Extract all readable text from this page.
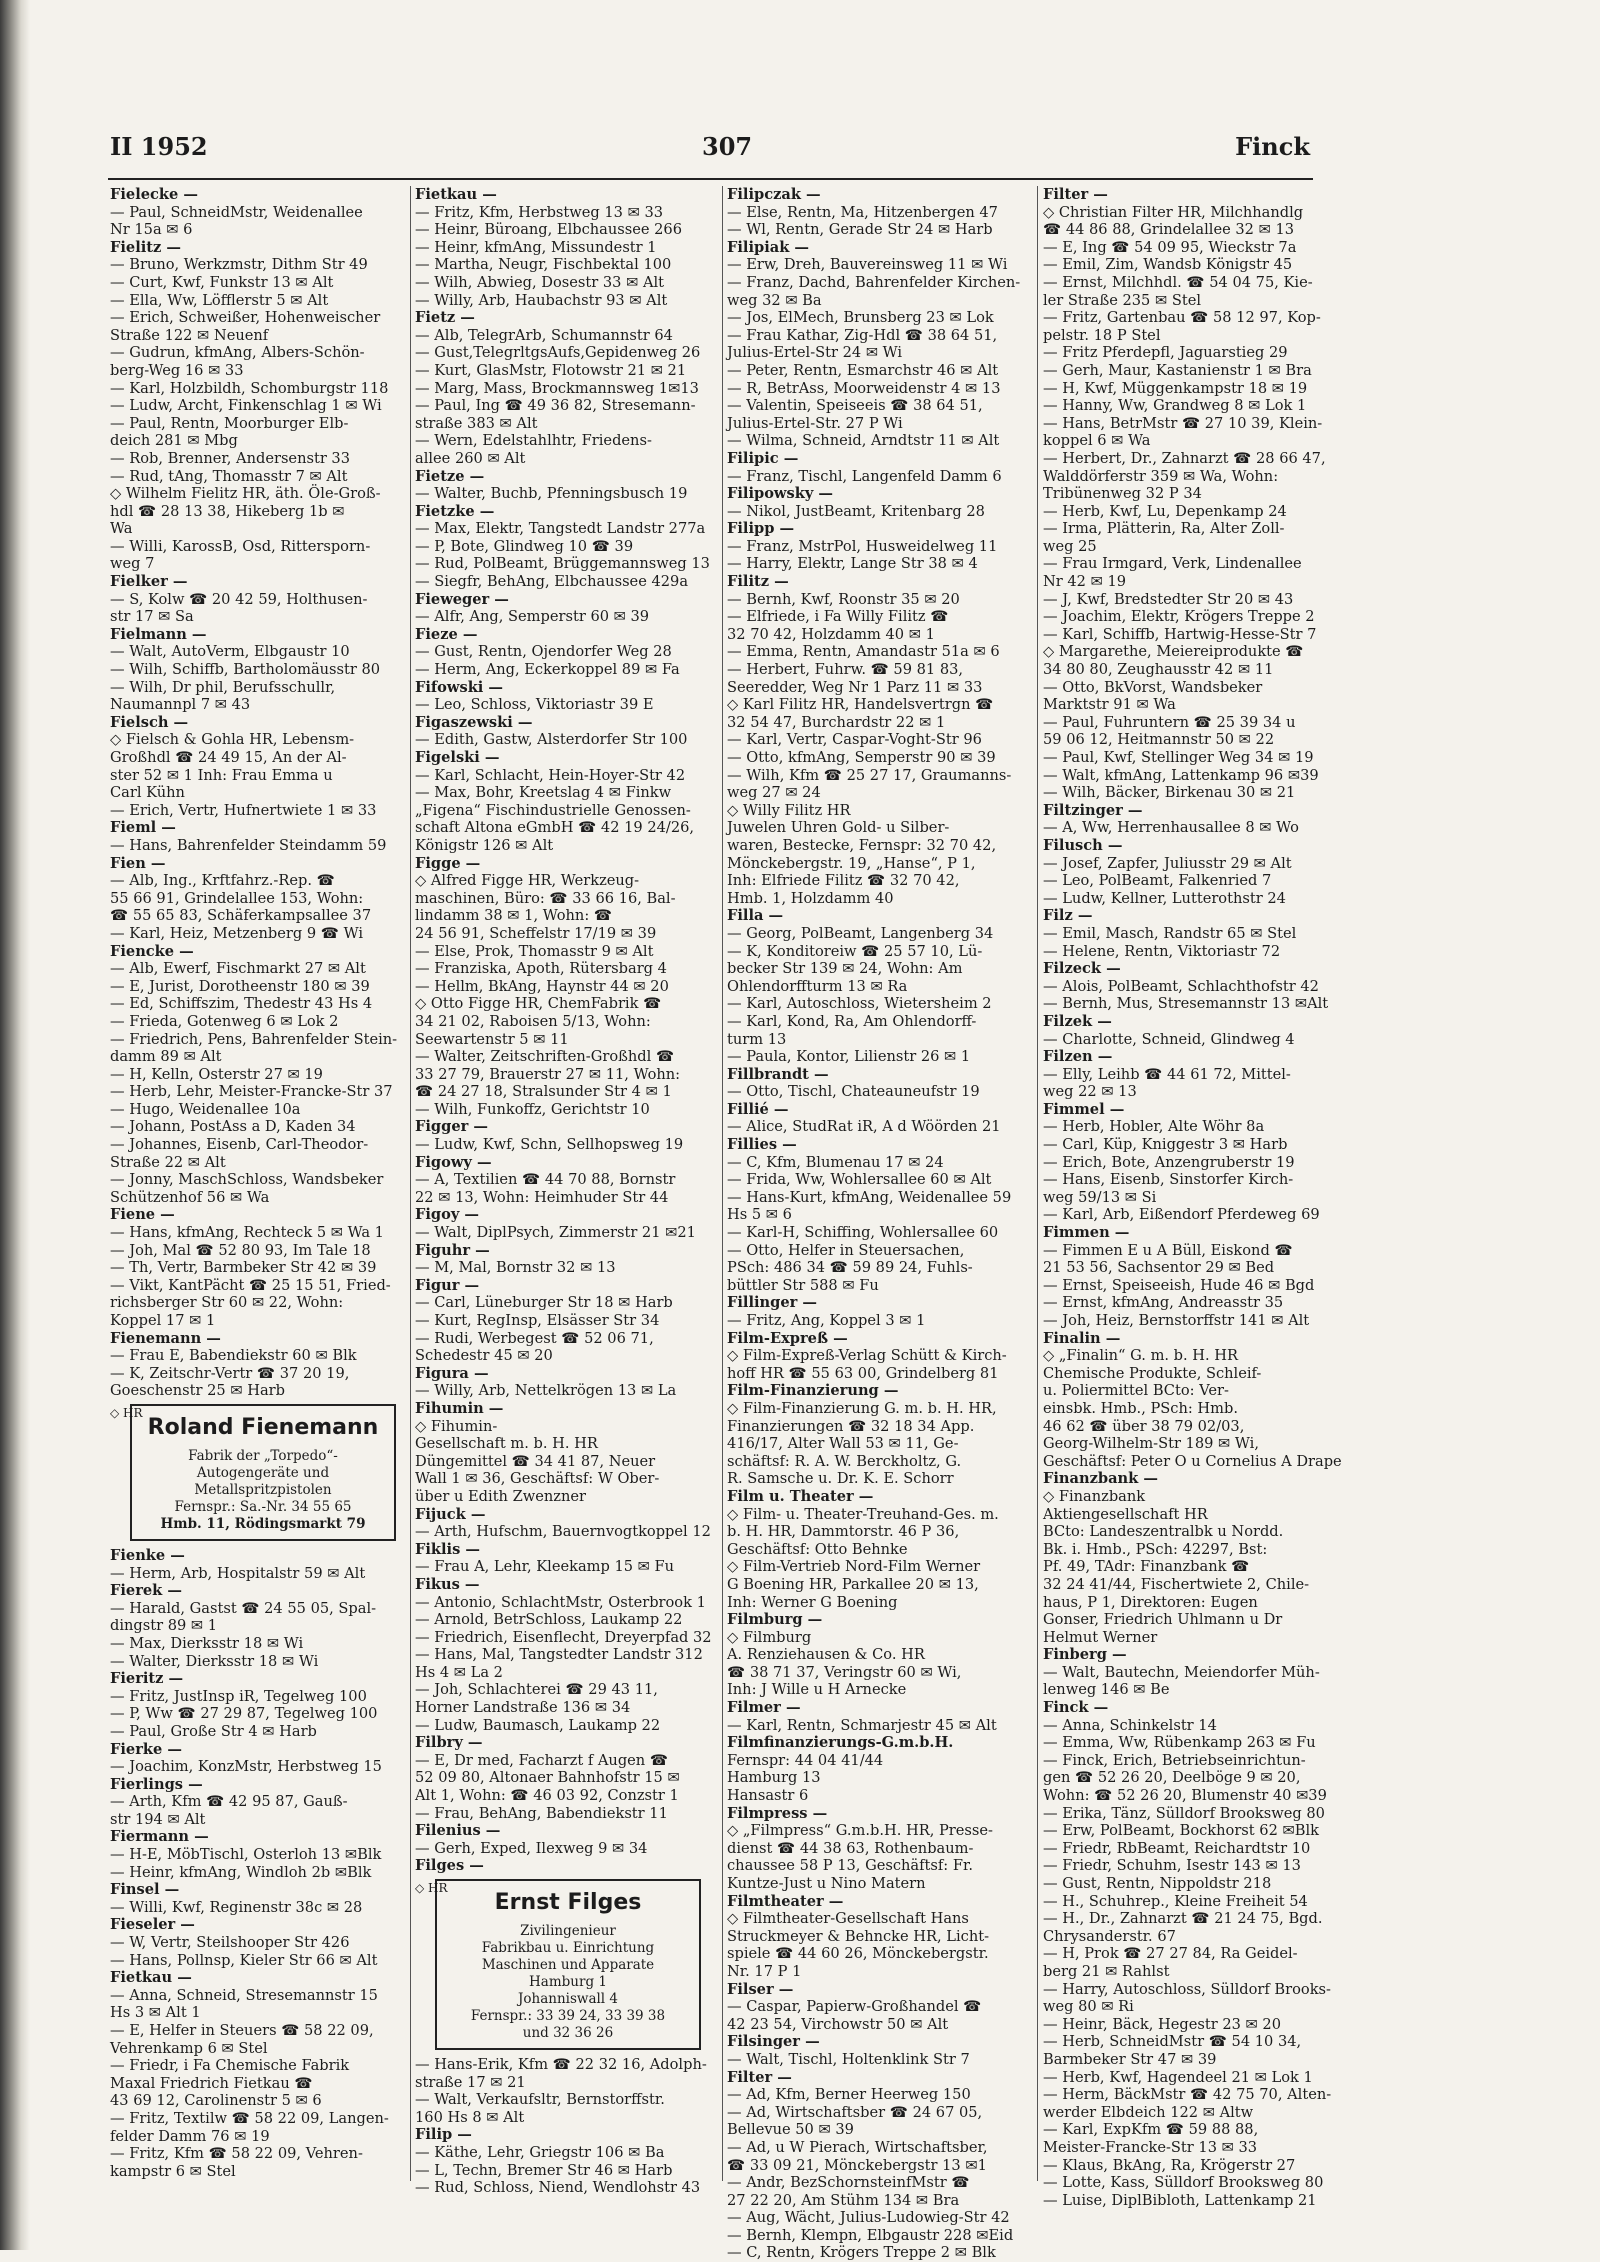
II 1952	307	Finck
Fielecke —
— Paul, SchneidMstr, Weidenallee
Nr 15a ✉ 6
Fielitz —
— Bruno, Werkzmstr, Dithm Str 49
— Curt, Kwf, Funkstr 13 ✉ Alt
— Ella, Ww, Löfflerstr 5 ✉ Alt
— Erich, Schweißer, Hohenweischer
Straße 122 ✉ Neuenf
— Gudrun, kfmAng, Albers-Schön-
berg-Weg 16 ✉ 33
— Karl, Holzbildh, Schomburgstr 118
— Ludw, Archt, Finkenschlag 1 ✉ Wi
— Paul, Rentn, Moorburger Elb-
deich 281 ✉ Mbg
— Rob, Brenner, Andersenstr 33
— Rud, tAng, Thomasstr 7 ✉ Alt
◇ Wilhelm Fielitz HR, äth. Öle-Groß-
hdl ☎ 28 13 38, Hikeberg 1b ✉
Wa
— Willi, KarossB, Osd, Rittersporn-
weg 7
Fielker —
— S, Kolw ☎ 20 42 59, Holthusen-
str 17 ✉ Sa
Fielmann —
— Walt, AutoVerm, Elbgaustr 10
— Wilh, Schiffb, Bartholomäusstr 80
— Wilh, Dr phil, Berufsschullr,
Naumannpl 7 ✉ 43
Fielsch —
◇ Fielsch & Gohla HR, Lebensm-
Großhdl ☎ 24 49 15, An der Al-
ster 52 ✉ 1 Inh: Frau Emma u
Carl Kühn
— Erich, Vertr, Hufnertwiete 1 ✉ 33
Fieml —
— Hans, Bahrenfelder Steindamm 59
Fien —
— Alb, Ing., Krftfahrz.-Rep. ☎
55 66 91, Grindelallee 153, Wohn:
☎ 55 65 83, Schäferkampsallee 37
— Karl, Heiz, Metzenberg 9 ☎ Wi
Fiencke —
— Alb, Ewerf, Fischmarkt 27 ✉ Alt
— E, Jurist, Dorotheenstr 180 ✉ 39
— Ed, Schiffszim, Thedestr 43 Hs 4
— Frieda, Gotenweg 6 ✉ Lok 2
— Friedrich, Pens, Bahrenfelder Stein-
damm 89 ✉ Alt
— H, Kelln, Osterstr 27 ✉ 19
— Herb, Lehr, Meister-Francke-Str 37
— Hugo, Weidenallee 10a
— Johann, PostAss a D, Kaden 34
— Johannes, Eisenb, Carl-Theodor-
Straße 22 ✉ Alt
— Jonny, MaschSchloss, Wandsbeker
Schützenhof 56 ✉ Wa
Fiene —
— Hans, kfmAng, Rechteck 5 ✉ Wa 1
— Joh, Mal ☎ 52 80 93, Im Tale 18
— Th, Vertr, Barmbeker Str 42 ✉ 39
— Vikt, KantPächt ☎ 25 15 51, Fried-
richsberger Str 60 ✉ 22, Wohn:
Koppel 17 ✉ 1
Fienemann —
— Frau E, Babendiekstr 60 ✉ Blk
— K, Zeitschr-Vertr ☎ 37 20 19,
Goeschenstr 25 ✉ Harb
◇ HR
Roland Fienemann
Fabrik der „Torpedo“-
Autogengeräte und
Metallspritzpistolen
Fernspr.: Sa.-Nr. 34 55 65
Hmb. 11, Rödingsmarkt 79
Fienke —
— Herm, Arb, Hospitalstr 59 ✉ Alt
Fierek —
— Harald, Gastst ☎ 24 55 05, Spal-
dingstr 89 ✉ 1
— Max, Dierksstr 18 ✉ Wi
— Walter, Dierksstr 18 ✉ Wi
Fieritz —
— Fritz, JustInsp iR, Tegelweg 100
— P, Ww ☎ 27 29 87, Tegelweg 100
— Paul, Große Str 4 ✉ Harb
Fierke —
— Joachim, KonzMstr, Herbstweg 15
Fierlings —
— Arth, Kfm ☎ 42 95 87, Gauß-
str 194 ✉ Alt
Fiermann —
— H-E, MöbTischl, Osterloh 13 ✉Blk
— Heinr, kfmAng, Windloh 2b ✉Blk
Finsel —
— Willi, Kwf, Reginenstr 38c ✉ 28
Fieseler —
— W, Vertr, Steilshooper Str 426
— Hans, Pollnsp, Kieler Str 66 ✉ Alt
Fietkau —
— Anna, Schneid, Stresemannstr 15
Hs 3 ✉ Alt 1
— E, Helfer in Steuers ☎ 58 22 09,
Vehrenkamp 6 ✉ Stel
— Friedr, i Fa Chemische Fabrik
Maxal Friedrich Fietkau ☎
43 69 12, Carolinenstr 5 ✉ 6
— Fritz, Textilw ☎ 58 22 09, Langen-
felder Damm 76 ✉ 19
— Fritz, Kfm ☎ 58 22 09, Vehren-
kampstr 6 ✉ Stel
Fietkau —
— Fritz, Kfm, Herbstweg 13 ✉ 33
— Heinr, Büroang, Elbchaussee 266
— Heinr, kfmAng, Missundestr 1
— Martha, Neugr, Fischbektal 100
— Wilh, Abwieg, Dosestr 33 ✉ Alt
— Willy, Arb, Haubachstr 93 ✉ Alt
Fietz —
— Alb, TelegrArb, Schumannstr 64
— Gust,TelegrltgsAufs,Gepidenweg 26
— Kurt, GlasMstr, Flotowstr 21 ✉ 21
— Marg, Mass, Brockmannsweg 1✉13
— Paul, Ing ☎ 49 36 82, Stresemann-
straße 383 ✉ Alt
— Wern, Edelstahlhtr, Friedens-
allee 260 ✉ Alt
Fietze —
— Walter, Buchb, Pfenningsbusch 19
Fietzke —
— Max, Elektr, Tangstedt Landstr 277a
— P, Bote, Glindweg 10 ☎ 39
— Rud, PolBeamt, Brüggemannsweg 13
— Siegfr, BehAng, Elbchaussee 429a
Fieweger —
— Alfr, Ang, Semperstr 60 ✉ 39
Fieze —
— Gust, Rentn, Ojendorfer Weg 28
— Herm, Ang, Eckerkoppel 89 ✉ Fa
Fifowski —
— Leo, Schloss, Viktoriastr 39 E
Figaszewski —
— Edith, Gastw, Alsterdorfer Str 100
Figelski —
— Karl, Schlacht, Hein-Hoyer-Str 42
— Max, Bohr, Kreetslag 4 ✉ Finkw
„Figena“ Fischindustrielle Genossen-
schaft Altona eGmbH ☎ 42 19 24/26,
Königstr 126 ✉ Alt
Figge —
◇ Alfred Figge HR, Werkzeug-
maschinen, Büro: ☎ 33 66 16, Bal-
lindamm 38 ✉ 1, Wohn: ☎
24 56 91, Scheffelstr 17/19 ✉ 39
— Else, Prok, Thomasstr 9 ✉ Alt
— Franziska, Apoth, Rütersbarg 4
— Hellm, BkAng, Haynstr 44 ✉ 20
◇ Otto Figge HR, ChemFabrik ☎
34 21 02, Raboisen 5/13, Wohn:
Seewartenstr 5 ✉ 11
— Walter, Zeitschriften-Großhdl ☎
33 27 79, Brauerstr 27 ✉ 11, Wohn:
☎ 24 27 18, Stralsunder Str 4 ✉ 1
— Wilh, Funkoffz, Gerichtstr 10
Figger —
— Ludw, Kwf, Schn, Sellhopsweg 19
Figowy —
— A, Textilien ☎ 44 70 88, Bornstr
22 ✉ 13, Wohn: Heimhuder Str 44
Figoy —
— Walt, DiplPsych, Zimmerstr 21 ✉21
Figuhr —
— M, Mal, Bornstr 32 ✉ 13
Figur —
— Carl, Lüneburger Str 18 ✉ Harb
— Kurt, RegInsp, Elsässer Str 34
— Rudi, Werbegest ☎ 52 06 71,
Schedestr 45 ✉ 20
Figura —
— Willy, Arb, Nettelkrögen 13 ✉ La
Fihumin —
◇ Fihumin-
Gesellschaft m. b. H. HR
Düngemittel ☎ 34 41 87, Neuer
Wall 1 ✉ 36, Geschäftsf: W Ober-
über u Edith Zwenzner
Fijuck —
— Arth, Hufschm, Bauernvogtkoppel 12
Fiklis —
— Frau A, Lehr, Kleekamp 15 ✉ Fu
Fikus —
— Antonio, SchlachtMstr, Osterbrook 1
— Arnold, BetrSchloss, Laukamp 22
— Friedrich, Eisenflecht, Dreyerpfad 32
— Hans, Mal, Tangstedter Landstr 312
Hs 4 ✉ La 2
— Joh, Schlachterei ☎ 29 43 11,
Horner Landstraße 136 ✉ 34
— Ludw, Baumasch, Laukamp 22
Filbry —
— E, Dr med, Facharzt f Augen ☎
52 09 80, Altonaer Bahnhofstr 15 ✉
Alt 1, Wohn: ☎ 46 03 92, Conzstr 1
— Frau, BehAng, Babendiekstr 11
Filenius —
— Gerh, Exped, Ilexweg 9 ✉ 34
Filges —
◇ HR
Ernst Filges
Zivilingenieur
Fabrikbau u. Einrichtung
Maschinen und Apparate
Hamburg 1
Johanniswall 4
Fernspr.: 33 39 24, 33 39 38
und 32 36 26
— Hans-Erik, Kfm ☎ 22 32 16, Adolph-
straße 17 ✉ 21
— Walt, Verkaufsltr, Bernstorffstr.
160 Hs 8 ✉ Alt
Filip —
— Käthe, Lehr, Griegstr 106 ✉ Ba
— L, Techn, Bremer Str 46 ✉ Harb
— Rud, Schloss, Niend, Wendlohstr 43
Filipczak —
— Else, Rentn, Ma, Hitzenbergen 47
— Wl, Rentn, Gerade Str 24 ✉ Harb
Filipiak —
— Erw, Dreh, Bauvereinsweg 11 ✉ Wi
— Franz, Dachd, Bahrenfelder Kirchen-
weg 32 ✉ Ba
— Jos, ElMech, Brunsberg 23 ✉ Lok
— Frau Kathar, Zig-Hdl ☎ 38 64 51,
Julius-Ertel-Str 24 ✉ Wi
— Peter, Rentn, Esmarchstr 46 ✉ Alt
— R, BetrAss, Moorweidenstr 4 ✉ 13
— Valentin, Speiseeis ☎ 38 64 51,
Julius-Ertel-Str. 27 P Wi
— Wilma, Schneid, Arndtstr 11 ✉ Alt
Filipic —
— Franz, Tischl, Langenfeld Damm 6
Filipowsky —
— Nikol, JustBeamt, Kritenbarg 28
Filipp —
— Franz, MstrPol, Husweidelweg 11
— Harry, Elektr, Lange Str 38 ✉ 4
Filitz —
— Bernh, Kwf, Roonstr 35 ✉ 20
— Elfriede, i Fa Willy Filitz ☎
32 70 42, Holzdamm 40 ✉ 1
— Emma, Rentn, Amandastr 51a ✉ 6
— Herbert, Fuhrw. ☎ 59 81 83,
Seeredder, Weg Nr 1 Parz 11 ✉ 33
◇ Karl Filitz HR, Handelsvertrgn ☎
32 54 47, Burchardstr 22 ✉ 1
— Karl, Vertr, Caspar-Voght-Str 96
— Otto, kfmAng, Semperstr 90 ✉ 39
— Wilh, Kfm ☎ 25 27 17, Graumanns-
weg 27 ✉ 24
◇ Willy Filitz HR
Juwelen Uhren Gold- u Silber-
waren, Bestecke, Fernspr: 32 70 42,
Mönckebergstr. 19, „Hanse“, P 1,
Inh: Elfriede Filitz ☎ 32 70 42,
Hmb. 1, Holzdamm 40
Filla —
— Georg, PolBeamt, Langenberg 34
— K, Konditoreiw ☎ 25 57 10, Lü-
becker Str 139 ✉ 24, Wohn: Am
Ohlendorffturm 13 ✉ Ra
— Karl, Autoschloss, Wietersheim 2
— Karl, Kond, Ra, Am Ohlendorff-
turm 13
— Paula, Kontor, Lilienstr 26 ✉ 1
Fillbrandt —
— Otto, Tischl, Chateauneufstr 19
Fillié —
— Alice, StudRat iR, A d Wöörden 21
Fillies —
— C, Kfm, Blumenau 17 ✉ 24
— Frida, Ww, Wohlersallee 60 ✉ Alt
— Hans-Kurt, kfmAng, Weidenallee 59
Hs 5 ✉ 6
— Karl-H, Schiffing, Wohlersallee 60
— Otto, Helfer in Steuersachen,
PSch: 486 34 ☎ 59 89 24, Fuhls-
büttler Str 588 ✉ Fu
Fillinger —
— Fritz, Ang, Koppel 3 ✉ 1
Film-Expreß —
◇ Film-Expreß-Verlag Schütt & Kirch-
hoff HR ☎ 55 63 00, Grindelberg 81
Film-Finanzierung —
◇ Film-Finanzierung G. m. b. H. HR,
Finanzierungen ☎ 32 18 34 App.
416/17, Alter Wall 53 ✉ 11, Ge-
schäftsf: R. A. W. Berckholtz, G.
R. Samsche u. Dr. K. E. Schorr
Film u. Theater —
◇ Film- u. Theater-Treuhand-Ges. m.
b. H. HR, Dammtorstr. 46 P 36,
Geschäftsf: Otto Behnke
◇ Film-Vertrieb Nord-Film Werner
G Boening HR, Parkallee 20 ✉ 13,
Inh: Werner G Boening
Filmburg —
◇ Filmburg
A. Renziehausen & Co. HR
☎ 38 71 37, Veringstr 60 ✉ Wi,
Inh: J Wille u H Arnecke
Filmer —
— Karl, Rentn, Schmarjestr 45 ✉ Alt
Filmfinanzierungs-G.m.b.H.
Fernspr: 44 04 41/44
Hamburg 13
Hansastr 6
Filmpress —
◇ „Filmpress“ G.m.b.H. HR, Presse-
dienst ☎ 44 38 63, Rothenbaum-
chaussee 58 P 13, Geschäftsf: Fr.
Kuntze-Just u Nino Matern
Filmtheater —
◇ Filmtheater-Gesellschaft Hans
Struckmeyer & Behncke HR, Licht-
spiele ☎ 44 60 26, Mönckebergstr.
Nr. 17 P 1
Filser —
— Caspar, Papierw-Großhandel ☎
42 23 54, Virchowstr 50 ✉ Alt
Filsinger —
— Walt, Tischl, Holtenklink Str 7
Filter —
— Ad, Kfm, Berner Heerweg 150
— Ad, Wirtschaftsber ☎ 24 67 05,
Bellevue 50 ✉ 39
— Ad, u W Pierach, Wirtschaftsber,
☎ 33 09 21, Mönckebergstr 13 ✉1
— Andr, BezSchornsteinfMstr ☎
27 22 20, Am Stühm 134 ✉ Bra
— Aug, Wächt, Julius-Ludowieg-Str 42
— Bernh, Klempn, Elbgaustr 228 ✉Eid
— C, Rentn, Krögers Treppe 2 ✉ Blk
Filter —
◇ Christian Filter HR, Milchhandlg
☎ 44 86 88, Grindelallee 32 ✉ 13
— E, Ing ☎ 54 09 95, Wieckstr 7a
— Emil, Zim, Wandsb Königstr 45
— Ernst, Milchhdl. ☎ 54 04 75, Kie-
ler Straße 235 ✉ Stel
— Fritz, Gartenbau ☎ 58 12 97, Kop-
pelstr. 18 P Stel
— Fritz Pferdepfl, Jaguarstieg 29
— Gerh, Maur, Kastanienstr 1 ✉ Bra
— H, Kwf, Müggenkampstr 18 ✉ 19
— Hanny, Ww, Grandweg 8 ✉ Lok 1
— Hans, BetrMstr ☎ 27 10 39, Klein-
koppel 6 ✉ Wa
— Herbert, Dr., Zahnarzt ☎ 28 66 47,
Walddörferstr 359 ✉ Wa, Wohn:
Tribünenweg 32 P 34
— Herb, Kwf, Lu, Depenkamp 24
— Irma, Plätterin, Ra, Alter Zoll-
weg 25
— Frau Irmgard, Verk, Lindenallee
Nr 42 ✉ 19
— J, Kwf, Bredstedter Str 20 ✉ 43
— Joachim, Elektr, Krögers Treppe 2
— Karl, Schiffb, Hartwig-Hesse-Str 7
◇ Margarethe, Meiereiprodukte ☎
34 80 80, Zeughausstr 42 ✉ 11
— Otto, BkVorst, Wandsbeker
Marktstr 91 ✉ Wa
— Paul, Fuhruntern ☎ 25 39 34 u
59 06 12, Heitmannstr 50 ✉ 22
— Paul, Kwf, Stellinger Weg 34 ✉ 19
— Walt, kfmAng, Lattenkamp 96 ✉39
— Wilh, Bäcker, Birkenau 30 ✉ 21
Filtzinger —
— A, Ww, Herrenhausallee 8 ✉ Wo
Filusch —
— Josef, Zapfer, Juliusstr 29 ✉ Alt
— Leo, PolBeamt, Falkenried 7
— Ludw, Kellner, Lutterothstr 24
Filz —
— Emil, Masch, Randstr 65 ✉ Stel
— Helene, Rentn, Viktoriastr 72
Filzeck —
— Alois, PolBeamt, Schlachthofstr 42
— Bernh, Mus, Stresemannstr 13 ✉Alt
Filzek —
— Charlotte, Schneid, Glindweg 4
Filzen —
— Elly, Leihb ☎ 44 61 72, Mittel-
weg 22 ✉ 13
Fimmel —
— Herb, Hobler, Alte Wöhr 8a
— Carl, Küp, Kniggestr 3 ✉ Harb
— Erich, Bote, Anzengruberstr 19
— Hans, Eisenb, Sinstorfer Kirch-
weg 59/13 ✉ Si
— Karl, Arb, Eißendorf Pferdeweg 69
Fimmen —
— Fimmen E u A Büll, Eiskond ☎
21 53 56, Sachsentor 29 ✉ Bed
— Ernst, Speiseeish, Hude 46 ✉ Bgd
— Ernst, kfmAng, Andreasstr 35
— Joh, Heiz, Bernstorffstr 141 ✉ Alt
Finalin —
◇ „Finalin“ G. m. b. H. HR
Chemische Produkte, Schleif-
u. Poliermittel BCto: Ver-
einsbk. Hmb., PSch: Hmb.
46 62 ☎ über 38 79 02/03,
Georg-Wilhelm-Str 189 ✉ Wi,
Geschäftsf: Peter O u Cornelius A Drape
Finanzbank —
◇ Finanzbank
Aktiengesellschaft HR
BCto: Landeszentralbk u Nordd.
Bk. i. Hmb., PSch: 42297, Bst:
Pf. 49, TAdr: Finanzbank ☎
32 24 41/44, Fischertwiete 2, Chile-
haus, P 1, Direktoren: Eugen
Gonser, Friedrich Uhlmann u Dr
Helmut Werner
Finberg —
— Walt, Bautechn, Meiendorfer Müh-
lenweg 146 ✉ Be
Finck —
— Anna, Schinkelstr 14
— Emma, Ww, Rübenkamp 263 ✉ Fu
— Finck, Erich, Betriebseinrichtun-
gen ☎ 52 26 20, Deelböge 9 ✉ 20,
Wohn: ☎ 52 26 20, Blumenstr 40 ✉39
— Erika, Tänz, Sülldorf Brooksweg 80
— Erw, PolBeamt, Bockhorst 62 ✉Blk
— Friedr, RbBeamt, Reichardtstr 10
— Friedr, Schuhm, Isestr 143 ✉ 13
— Gust, Rentn, Nippoldstr 218
— H., Schuhrep., Kleine Freiheit 54
— H., Dr., Zahnarzt ☎ 21 24 75, Bgd.
Chrysanderstr. 67
— H, Prok ☎ 27 27 84, Ra Geidel-
berg 21 ✉ Rahlst
— Harry, Autoschloss, Sülldorf Brooks-
weg 80 ✉ Ri
— Heinr, Bäck, Hegestr 23 ✉ 20
— Herb, SchneidMstr ☎ 54 10 34,
Barmbeker Str 47 ✉ 39
— Herb, Kwf, Hagendeel 21 ✉ Lok 1
— Herm, BäckMstr ☎ 42 75 70, Alten-
werder Elbdeich 122 ✉ Altw
— Karl, ExpKfm ☎ 59 88 88,
Meister-Francke-Str 13 ✉ 33
— Klaus, BkAng, Ra, Krögerstr 27
— Lotte, Kass, Sülldorf Brooksweg 80
— Luise, DiplBibloth, Lattenkamp 21
